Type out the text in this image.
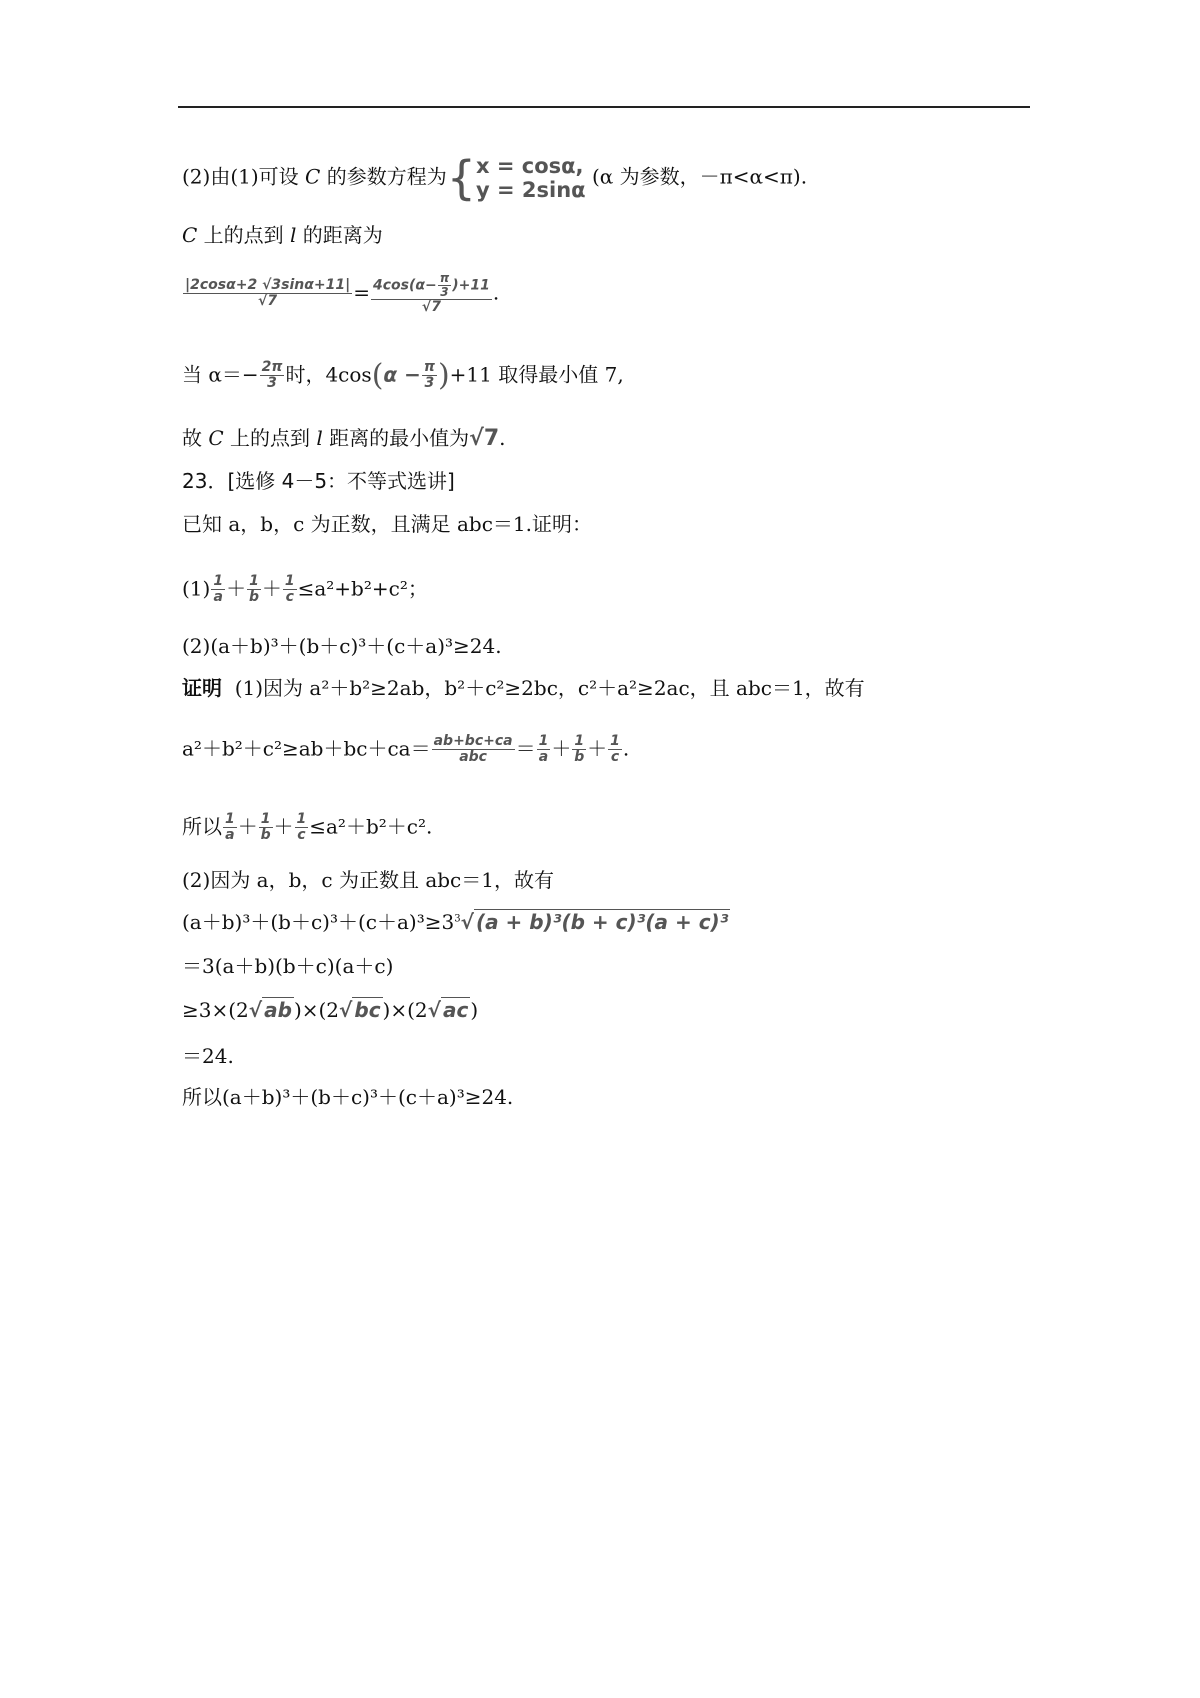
(2)由(1)可设 C 的参数方程为{ x = cosα,
y = 2sinα
(α 为参数，－π<α<π).
C 上的点到 l 的距离为
$\frac{|2\cos\alpha+2 √3\sin\alpha+11|}{√7} = \frac{4\cos(\alpha- \frac{\pi}{3} )+11}{√7}$ .
当 $\alpha=- \frac{2\pi}{3}$ 时，$4\cos(\alpha - \frac{\pi}{3} )+11$ 取得最小值 7,
故 C 上的点到 l 距离的最小值为√7.
23．[选修 4－5：不等式选讲]
已知 a，b，c 为正数，且满足 abc＝1.证明：
$(1) \frac{1}{a} + \frac{1}{b} + \frac{1}{c} \le a^2+b^2+c^2$；
(2)(a＋b)³＋(b＋c)³＋(c＋a)³≥24.
证明 (1)因为 a²＋b²≥2ab，b²＋c²≥2bc，c²＋a²≥2ac，且 abc＝1，故有
$a^2+b^2+c^2\ge ab+bc+ca= \frac{ab+bc+ca}{\text{abc}} = \frac{1}{a} + \frac{1}{b} + \frac{1}{c}$ .
所以 $\frac{1}{a} + \frac{1}{b} + \frac{1}{c} \le a^2+b^2+c^2$.
(2)因为 a，b，c 为正数且 abc＝1，故有
$(a+b)^3+(b+c)^3+(c+a)^3\ge 3^3√$ (a + b)³(b + c)³(a + c)³
＝3(a＋b)(b＋c)(a＋c)
≥3×(2√ ab )×(2√ bc )×(2√ ac )
＝24.
所以(a＋b)³＋(b＋c)³＋(c＋a)³≥24.
